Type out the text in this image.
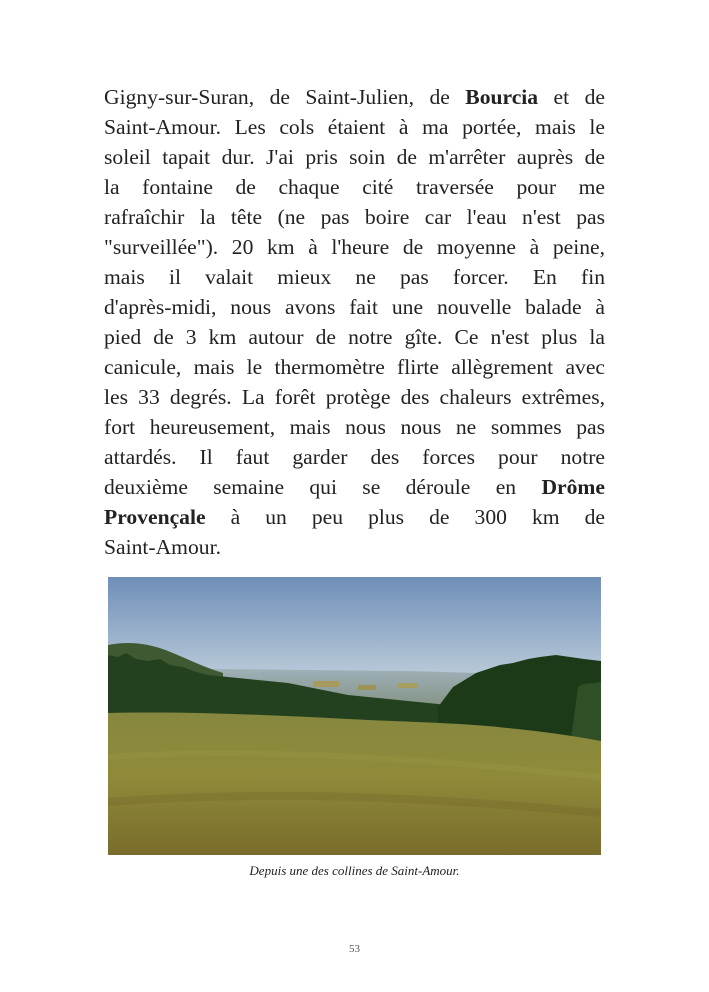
Gigny-sur-Suran, de Saint-Julien, de Bourcia et de
Saint-Amour. Les cols étaient à ma portée, mais le
soleil tapait dur. J'ai pris soin de m'arrêter auprès de
la fontaine de chaque cité traversée pour me
rafraîchir la tête (ne pas boire car l'eau n'est pas
"surveillée"). 20 km à l'heure de moyenne à peine,
mais il valait mieux ne pas forcer. En fin
d'après-midi, nous avons fait une nouvelle balade à
pied de 3 km autour de notre gîte. Ce n'est plus la
canicule, mais le thermomètre flirte allègrement avec
les 33 degrés. La forêt protège des chaleurs extrêmes,
fort heureusement, mais nous nous ne sommes pas
attardés. Il faut garder des forces pour notre
deuxième semaine qui se déroule en Drôme
Provençale à un peu plus de 300 km de
Saint-Amour.
Depuis une des collines de Saint-Amour.
53
